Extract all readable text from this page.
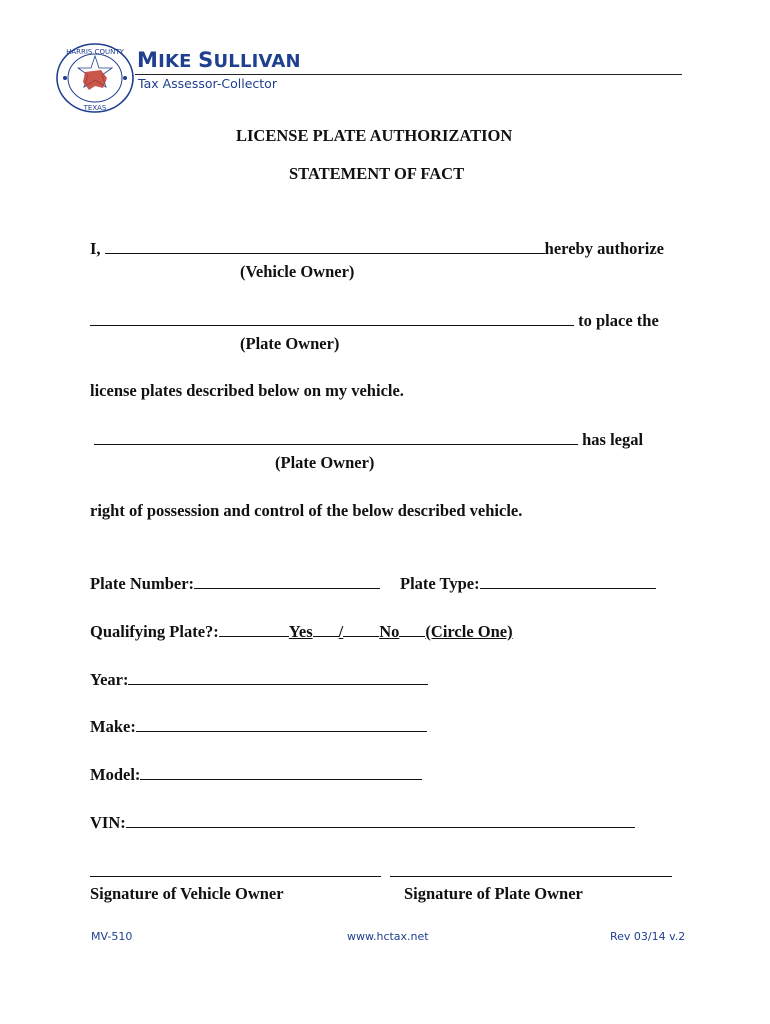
HARRIS COUNTY
TEXAS
MIKE SULLIVAN
Tax Assessor-Collector
LICENSE PLATE AUTHORIZATION
STATEMENT OF FACT
I,	hereby authorize
(Vehicle Owner)
to place the
(Plate Owner)
license plates described below on my vehicle.
has legal
(Plate Owner)
right of possession and control of the below described vehicle.
Plate Number:	Plate Type:
Qualifying Plate?:	Yes / No (Circle One)
Year:
Make:
Model:
VIN:
Signature of Vehicle Owner	Signature of Plate Owner
MV-510	www.hctax.net	Rev 03/14 v.2
